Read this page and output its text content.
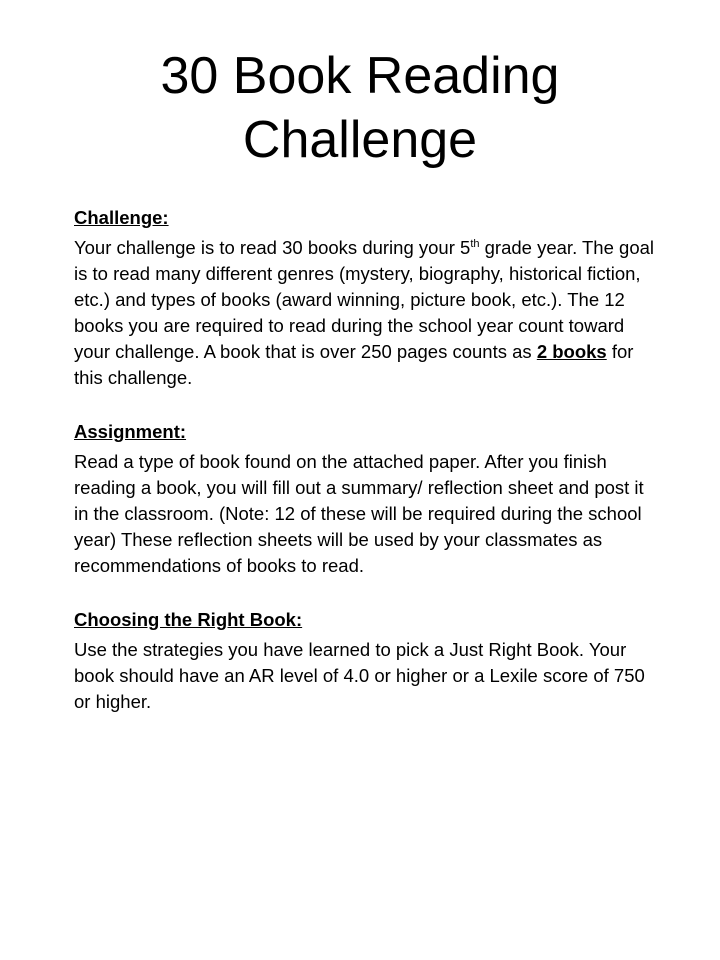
30 Book Reading
Challenge

Challenge:

Your challenge is to read 30 books during your 5th grade year. The goal is to read many different genres (mystery, biography, historical fiction, etc.) and types of books (award winning, picture book, etc.). The 12 books you are required to read during the school year count toward your challenge. A book that is over 250 pages counts as 2 books for this challenge.

Assignment:

Read a type of book found on the attached paper. After you finish reading a book, you will fill out a summary/ reflection sheet and post it in the classroom. (Note: 12 of these will be required during the school year) These reflection sheets will be used by your classmates as recommendations of books to read.

Choosing the Right Book:

Use the strategies you have learned to pick a Just Right Book. Your book should have an AR level of 4.0 or higher or a Lexile score of 750 or higher.
